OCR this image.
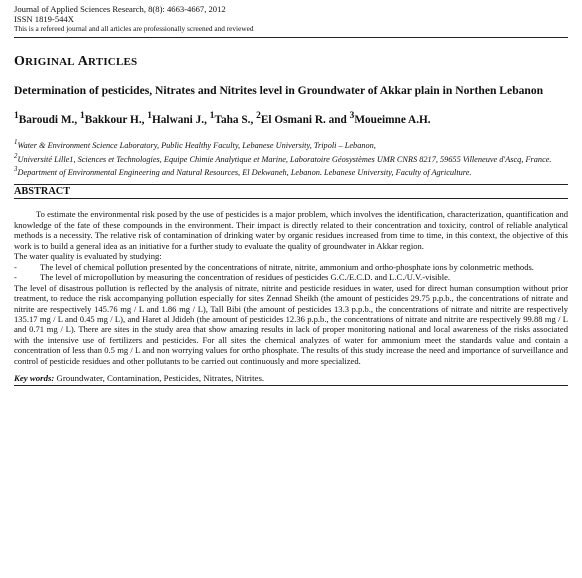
Journal of Applied Sciences Research, 8(8): 4663-4667, 2012
ISSN 1819-544X
This is a refereed journal and all articles are professionally screened and reviewed
ORIGINAL ARTICLES
Determination of pesticides, Nitrates and Nitrites level in Groundwater of Akkar plain in Northen Lebanon
$^1$Baroudi M., $^1$Bakkour H., $^1$Halwani J., $^1$Taha S., $^2$El Osmani R. and $^3$Moueimne A.H.
$^1$Water & Environment Science Laboratory, Public Healthy Faculty, Lebanese University, Tripoli – Lebanon,
$^2$Université Lille1, Sciences et Technologies, Equipe Chimie Analytique et Marine, Laboratoire Géosystèmes UMR CNRS 8217, 59655 Villeneuve d'Ascq, France.
$^3$Department of Environmental Engineering and Natural Resources, El Dekwaneh, Lebanon. Lebanese University, Faculty of Agriculture.
ABSTRACT

To estimate the environmental risk posed by the use of pesticides is a major problem, which involves the identification, characterization, quantification and knowledge of the fate of these compounds in the environment. Their impact is directly related to their concentration and toxicity, control of reliable analytical methods is a necessity. The relative risk of contamination of drinking water by organic residues increased from time to time, in this context, the objective of this work is to build a general idea as an initiative for a further study to evaluate the quality of groundwater in Akkar region.

The water quality is evaluated by studying:

-	The level of chemical pollution presented by the concentrations of nitrate, nitrite, ammonium and ortho-phosphate ions by colonmetric methods.
-	The level of micropollution by measuring the concentration of residues of pesticides G.C./E.C.D. and L.C./U.V.-visible.

The level of disastrous pollution is reflected by the analysis of nitrate, nitrite and pesticide residues in water, used for direct human consumption without prior treatment, to reduce the risk accompanying pollution especially for sites Zennad Sheikh (the amount of pesticides 29.75 p.p.b., the concentrations of nitrate and nitrite are respectively 145.76 mg / L and 1.86 mg / L), Tall Bibi (the amount of pesticides 13.3 p.p.b., the concentrations of nitrate and nitrite are respectively 135.17 mg / L and 0.45 mg / L), and Haret al Jdideh (the amount of pesticides 12.36 p.p.b., the concentrations of nitrate and nitrite are respectively 99.88 mg / L and 0.71 mg / L). There are sites in the study area that show amazing results in lack of proper monitoring national and local awareness of the risks associated with the intensive use of fertilizers and pesticides. For all sites the chemical analyzes of water for ammonium meet the standards value and contain a concentration of less than 0.5 mg / L and non worrying values for ortho phosphate. The results of this study increase the need and importance of surveillance and control of pesticide residues and other pollutants to be carried out continuously and more specialized.

Key words: Groundwater, Contamination, Pesticides, Nitrates, Nitrites.
